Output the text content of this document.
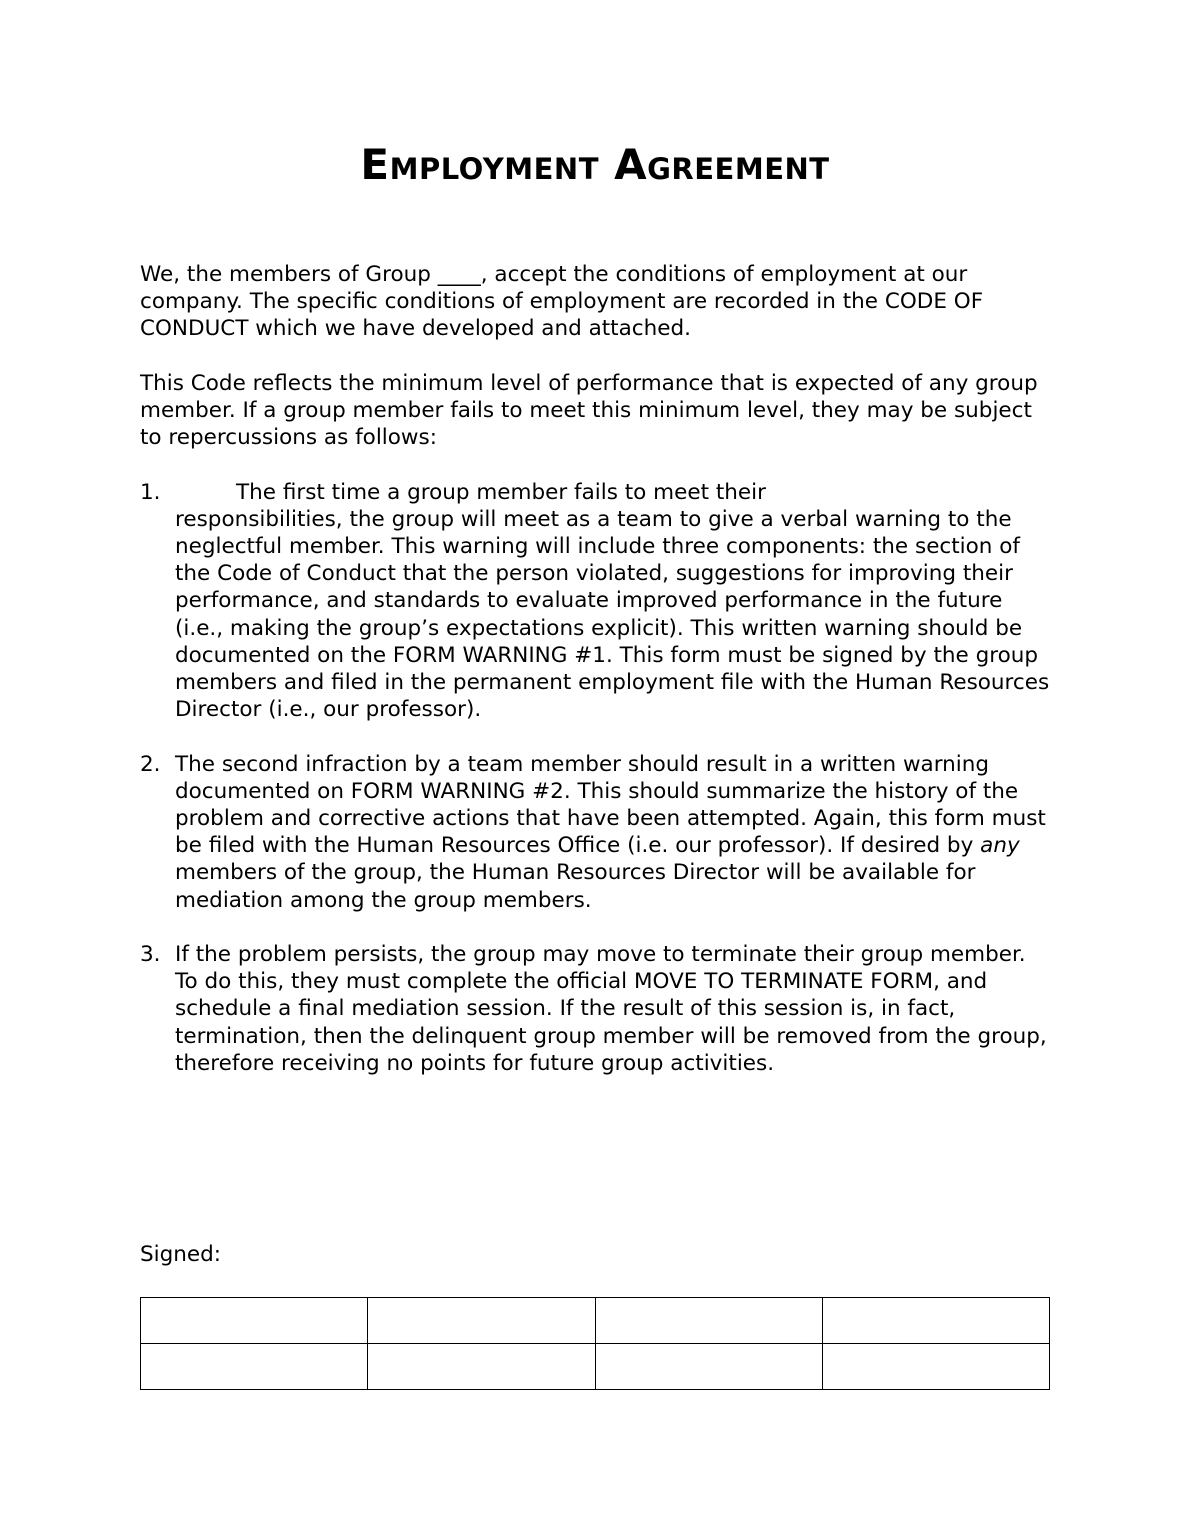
Employment Agreement

We, the members of Group ____, accept the conditions of employment at our company. The specific conditions of employment are recorded in the CODE OF CONDUCT which we have developed and attached.

This Code reflects the minimum level of performance that is expected of any group member. If a group member fails to meet this minimum level, they may be subject to repercussions as follows:

1.	The first time a group member fails to meet their
responsibilities, the group will meet as a team to give a verbal warning to the neglectful member. This warning will include three components: the section of the Code of Conduct that the person violated, suggestions for improving their performance, and standards to evaluate improved performance in the future (i.e., making the group’s expectations explicit). This written warning should be documented on the FORM WARNING #1. This form must be signed by the group members and filed in the permanent employment file with the Human Resources Director (i.e., our professor).
2. The second infraction by a team member should result in a written warning documented on FORM WARNING #2. This should summarize the history of the problem and corrective actions that have been attempted. Again, this form must be filed with the Human Resources Office (i.e. our professor). If desired by any members of the group, the Human Resources Director will be available for mediation among the group members.
3. If the problem persists, the group may move to terminate their group member. To do this, they must complete the official MOVE TO TERMINATE FORM, and schedule a final mediation session. If the result of this session is, in fact, termination, then the delinquent group member will be removed from the group, therefore receiving no points for future group activities.
Signed:
